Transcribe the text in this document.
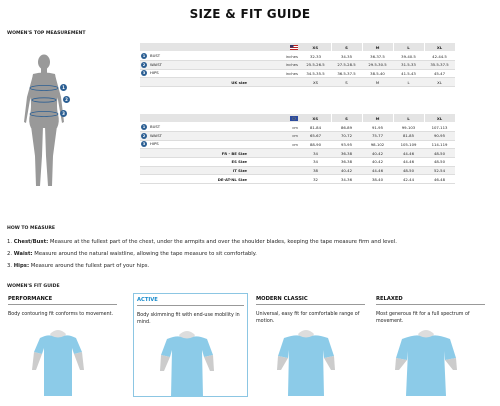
SIZE & FIT GUIDE
WOMEN'S TOP MEASUREMENT
1
2
3
		XS	S	M	L	XL
1 BUST	inches	32-33	34-35	36-37.5	39-40.5	42-44.5
2 WAIST	inches	25.5-26.5	27.5-28.5	29.5-30.5	31.5-33	35.5-37.5
3 HIPS	inches	34.5-35.5	36.5-37.5	38.5-40	41.5-43	45-47
UK size		XS	S	M	L	XL
		XS	S	M	L	XL
1 BUST	cm	81-84	86-89	91-95	99-103	107-113
2 WAIST	cm	65-67	70-72	75-77	81-85	90-95
3 HIPS	cm	88-90	93-95	98-102	105-109	114-119
FR - BE Size		34	36-38	40-42	44-46	48-50
ES Size		34	36-38	40-42	44-46	48-50
IT Size		38	40-42	44-46	48-50	52-54
DE-AT-NL Size		32	34-36	38-40	42-44	46-48
HOW TO MEASURE
1. Chest/Bust: Measure at the fullest part of the chest, under the armpits and over the shoulder blades, keeping the tape measure firm and level.
2. Waist: Measure around the natural waistline, allowing the tape measure to sit comfortably.
3. Hips: Measure around the fullest part of your hips.
WOMEN'S FIT GUIDE
PERFORMANCE
Body contouring fit conforms to movement.
ACTIVE
Body skimming fit with end-use mobility in mind.
MODERN CLASSIC
Universal, easy fit for comfortable range of motion.
RELAXED
Most generous fit for a full spectrum of movement.
